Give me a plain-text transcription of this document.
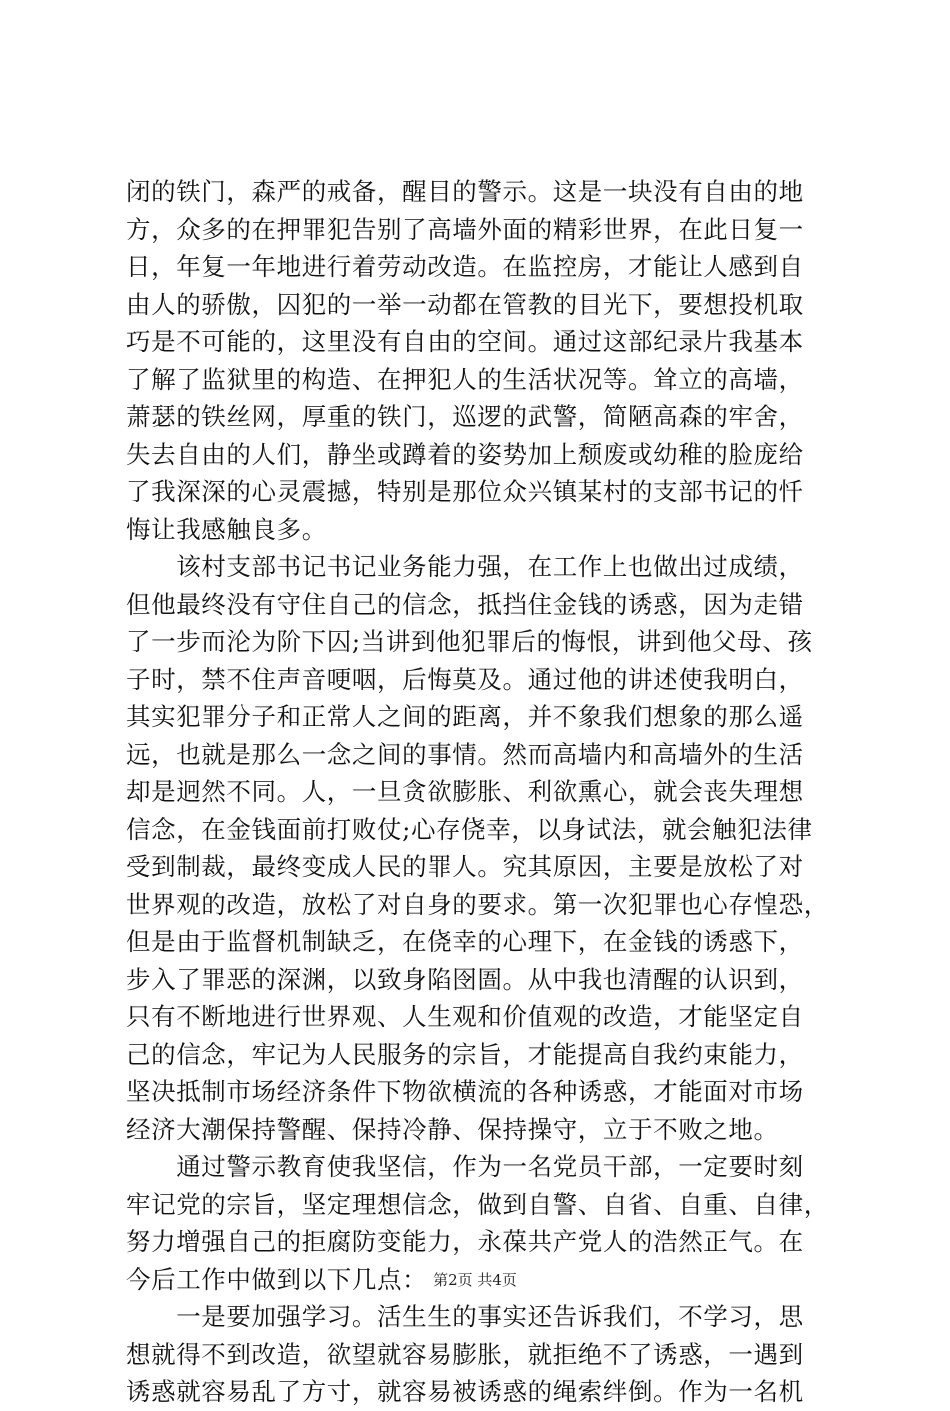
闭的铁门，森严的戒备，醒目的警示。这是一块没有自由的地
方，众多的在押罪犯告别了高墙外面的精彩世界，在此日复一
日，年复一年地进行着劳动改造。在监控房，才能让人感到自
由人的骄傲，囚犯的一举一动都在管教的目光下，要想投机取
巧是不可能的，这里没有自由的空间。通过这部纪录片我基本
了解了监狱里的构造、在押犯人的生活状况等。耸立的高墙，
萧瑟的铁丝网，厚重的铁门，巡逻的武警，简陋高森的牢舍，
失去自由的人们，静坐或蹲着的姿势加上颓废或幼稚的脸庞给
了我深深的心灵震撼，特别是那位众兴镇某村的支部书记的忏
悔让我感触良多。
　　该村支部书记书记业务能力强，在工作上也做出过成绩，
但他最终没有守住自己的信念，抵挡住金钱的诱惑，因为走错
了一步而沦为阶下囚;当讲到他犯罪后的悔恨，讲到他父母、孩
子时，禁不住声音哽咽，后悔莫及。通过他的讲述使我明白，
其实犯罪分子和正常人之间的距离，并不象我们想象的那么遥
远，也就是那么一念之间的事情。然而高墙内和高墙外的生活
却是迥然不同。人，一旦贪欲膨胀、利欲熏心，就会丧失理想
信念，在金钱面前打败仗;心存侥幸，以身试法，就会触犯法律
受到制裁，最终变成人民的罪人。究其原因，主要是放松了对
世界观的改造，放松了对自身的要求。第一次犯罪也心存惶恐，
但是由于监督机制缺乏，在侥幸的心理下，在金钱的诱惑下，
步入了罪恶的深渊，以致身陷囹圄。从中我也清醒的认识到，
只有不断地进行世界观、人生观和价值观的改造，才能坚定自
己的信念，牢记为人民服务的宗旨，才能提高自我约束能力，
坚决抵制市场经济条件下物欲横流的各种诱惑，才能面对市场
经济大潮保持警醒、保持冷静、保持操守，立于不败之地。
　　通过警示教育使我坚信，作为一名党员干部，一定要时刻
牢记党的宗旨，坚定理想信念，做到自警、自省、自重、自律，
努力增强自己的拒腐防变能力，永葆共产党人的浩然正气。在
今后工作中做到以下几点：
　　一是要加强学习。活生生的事实还告诉我们，不学习，思
想就得不到改造，欲望就容易膨胀，就拒绝不了诱惑，一遇到
诱惑就容易乱了方寸，就容易被诱惑的绳索绊倒。作为一名机
第2页 共4页
